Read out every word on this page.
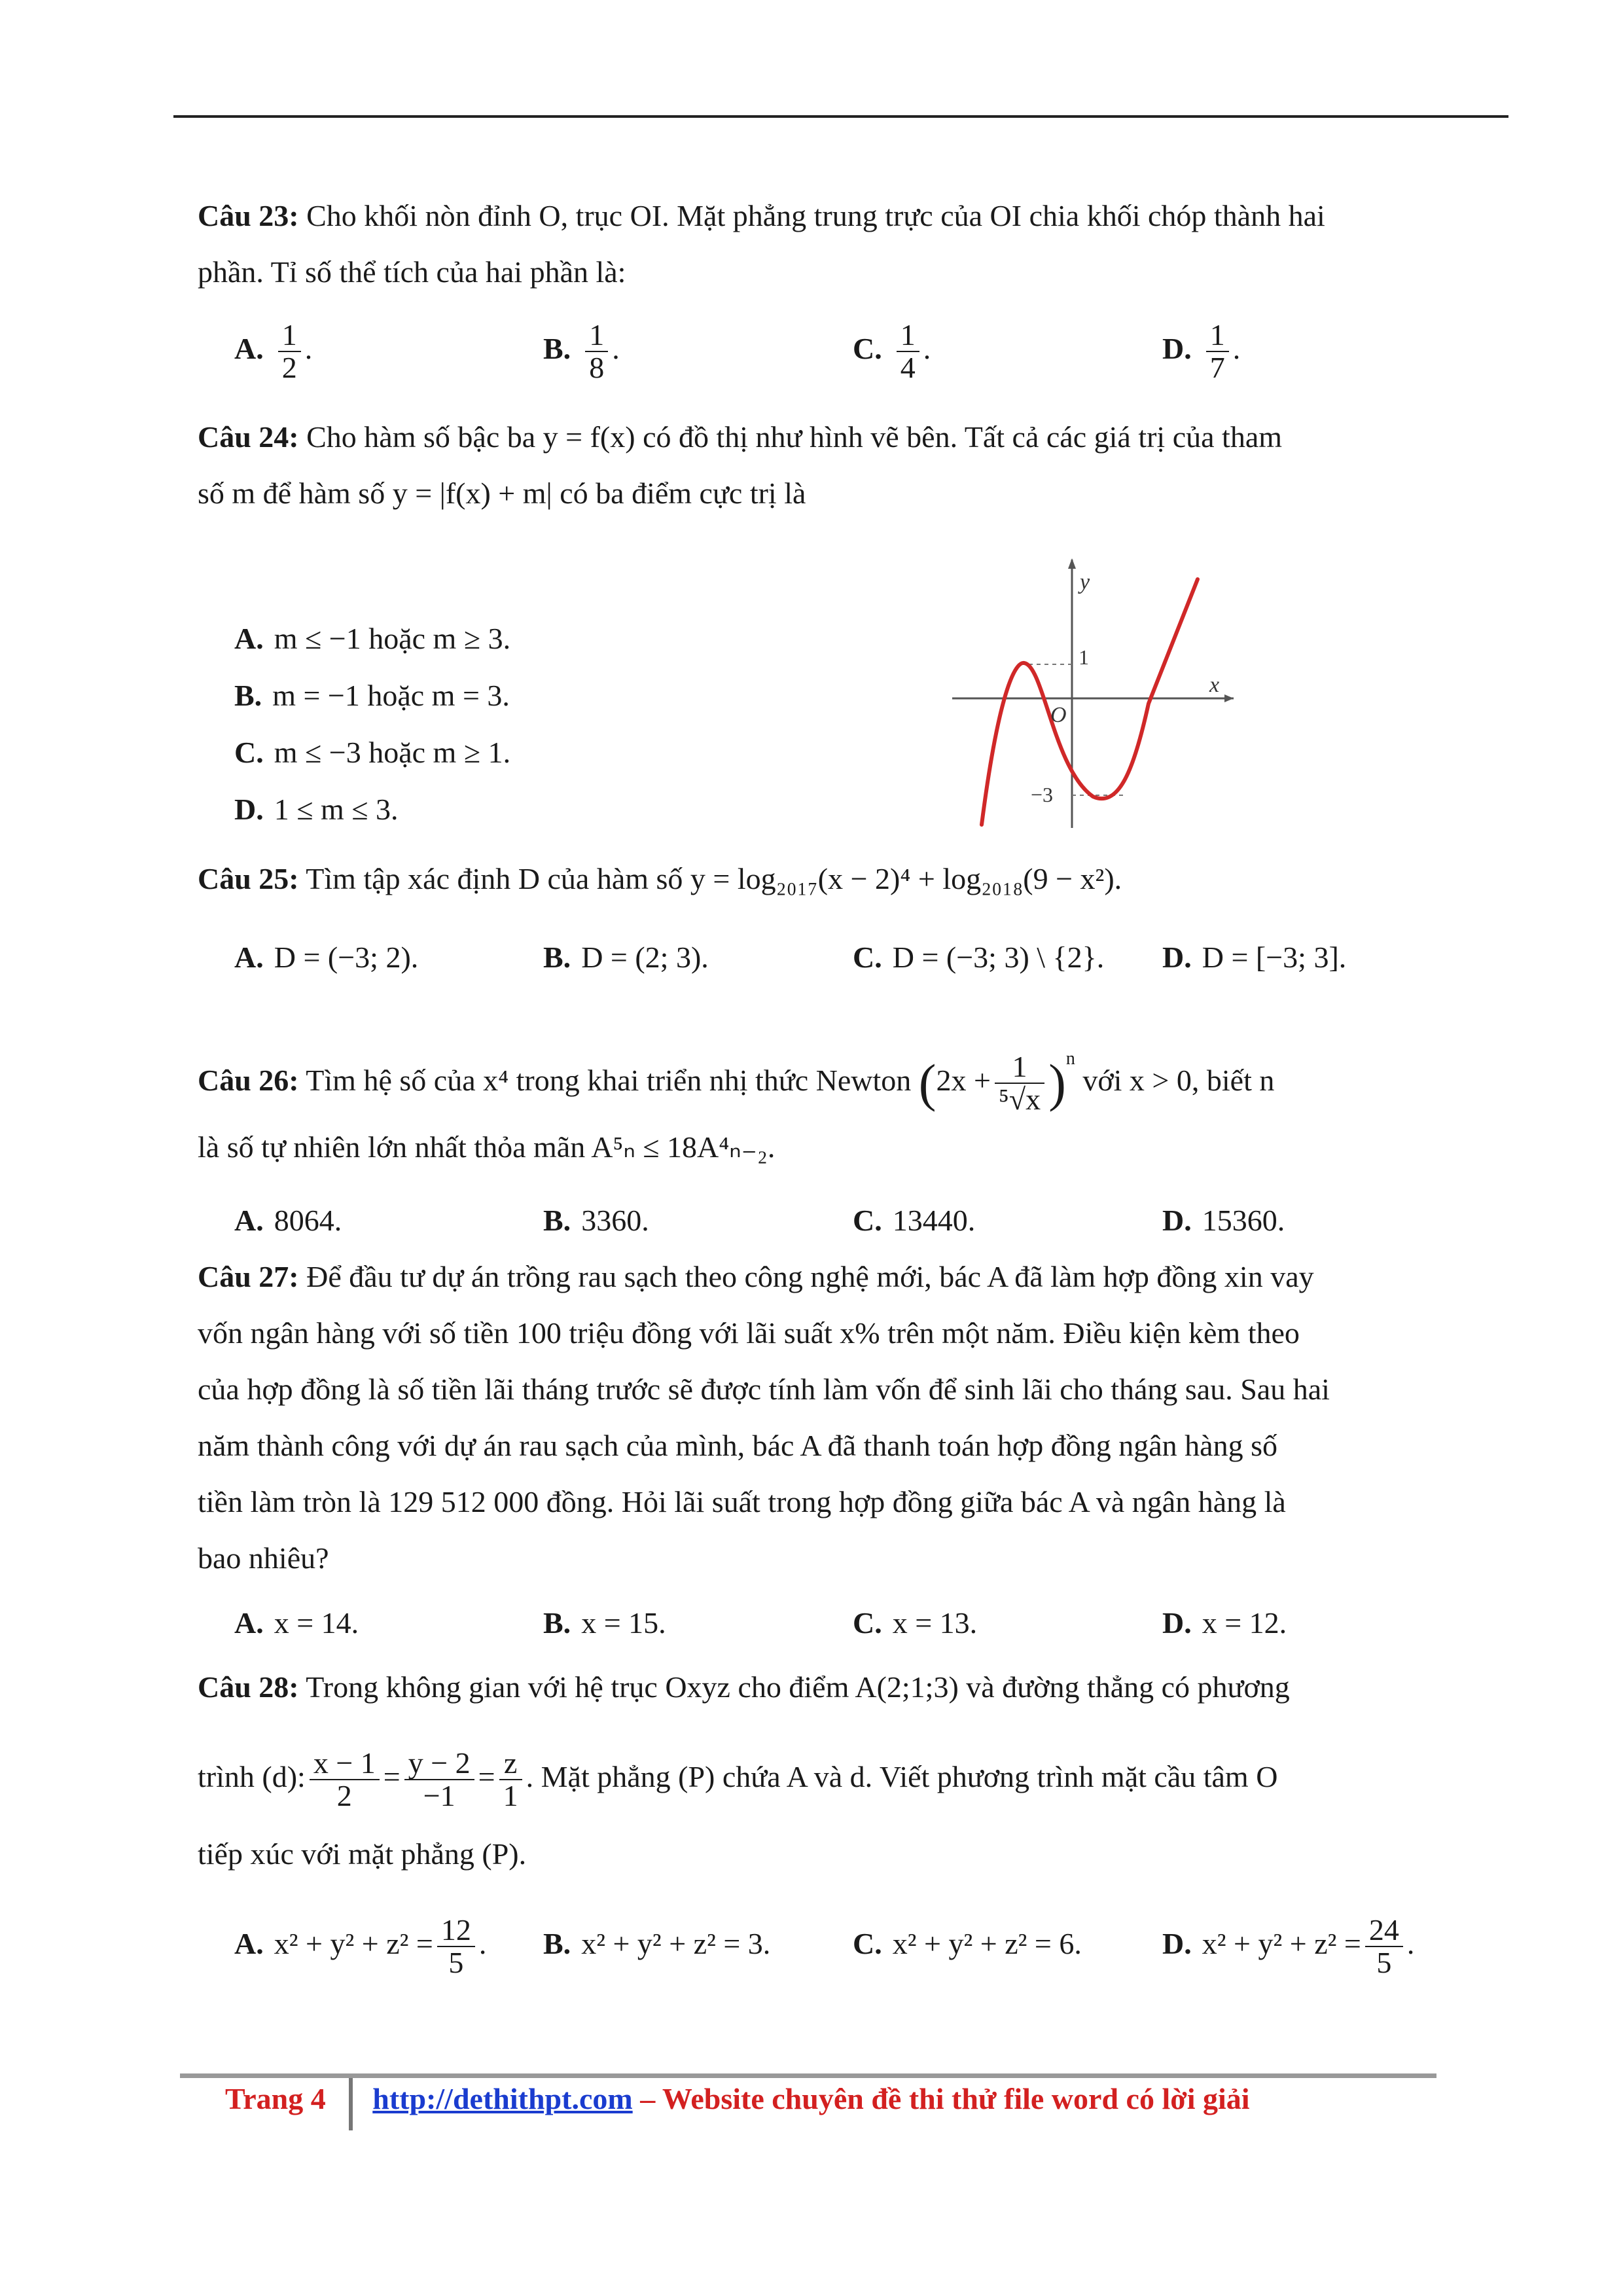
Câu 23: Cho khối nòn đỉnh O, trục OI. Mặt phẳng trung trực của OI chia khối chóp thành hai
phần. Tỉ số thể tích của hai phần là:
A. $\frac{1}{2}$ .	B. $\frac{1}{8}$ .	C. $\frac{1}{4}$ .	D. $\frac{1}{7}$ .
Câu 24: Cho hàm số bậc ba y = f(x) có đồ thị như hình vẽ bên. Tất cả các giá trị của tham
số m để hàm số y = |f(x) + m| có ba điểm cực trị là
A. m ≤ −1 hoặc m ≥ 3.
B. m = −1 hoặc m = 3.
C. m ≤ −3 hoặc m ≥ 1.
D. 1 ≤ m ≤ 3.
y
x
O
1
−3
Câu 25: Tìm tập xác định D của hàm số y = log₂₀₁₇(x − 2)⁴ + log₂₀₁₈(9 − x²).
A. D = (−3; 2).	B. D = (2; 3).	C. D = (−3; 3) \ {2}. D. D = [−3; 3].
Câu 26: Tìm hệ số của x⁴ trong khai triển nhị thức Newton $(2x + \frac{1}{\text{⁵√x}} )^n$ với x > 0, biết n
là số tự nhiên lớn nhất thỏa mãn A⁵ₙ ≤ 18A⁴ₙ₋₂.
A. 8064.	B. 3360.	C. 13440.	D. 15360.
Câu 27: Để đầu tư dự án trồng rau sạch theo công nghệ mới, bác A đã làm hợp đồng xin vay
vốn ngân hàng với số tiền 100 triệu đồng với lãi suất x% trên một năm. Điều kiện kèm theo
của hợp đồng là số tiền lãi tháng trước sẽ được tính làm vốn để sinh lãi cho tháng sau. Sau hai
năm thành công với dự án rau sạch của mình, bác A đã thanh toán hợp đồng ngân hàng số
tiền làm tròn là 129 512 000 đồng. Hỏi lãi suất trong hợp đồng giữa bác A và ngân hàng là
bao nhiêu?
A. x = 14.	B. x = 15.	C. x = 13.	D. x = 12.
Câu 28: Trong không gian với hệ trục Oxyz cho điểm A(2;1;3) và đường thẳng có phương
trình (d): $\frac{x - 1}{2} = \frac{y - 2}{-1} = \frac{z}{1}$ . Mặt phẳng (P) chứa A và d. Viết phương trình mặt cầu tâm O
tiếp xúc với mặt phẳng (P).
A. $x^2 + y^2 + z^2 = \frac{12}{5}$ . B. x² + y² + z² = 3.	C. x² + y² + z² = 6.	D. $x^2 + y^2 + z^2 = \frac{24}{5}$ .
Trang 4 http://dethithpt.com – Website chuyên đề thi thử file word có lời giải
